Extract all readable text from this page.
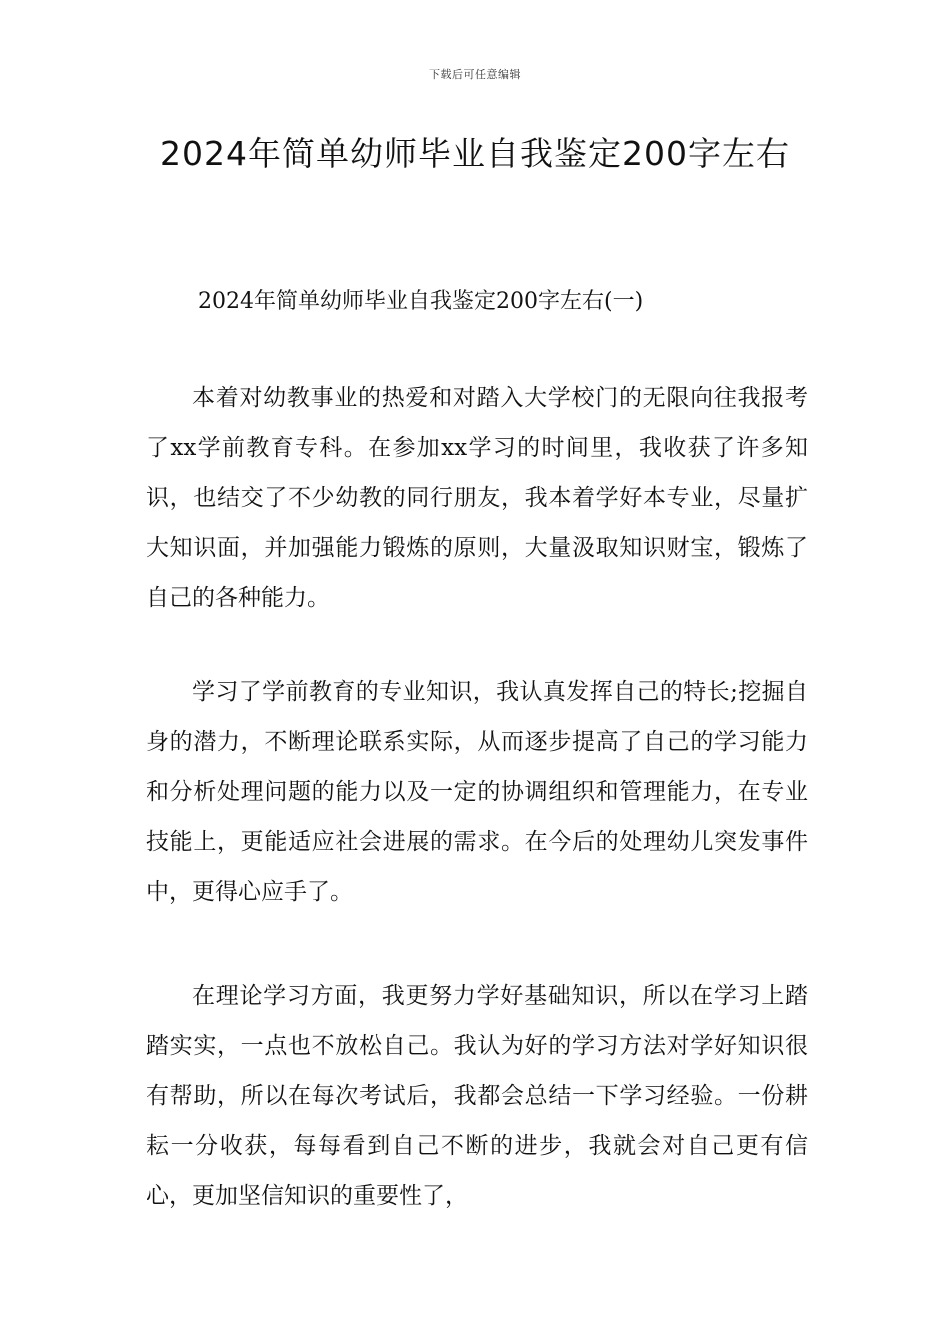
下载后可任意编辑
2024年简单幼师毕业自我鉴定200字左右
2024年简单幼师毕业自我鉴定200字左右(一)

本着对幼教事业的热爱和对踏入大学校门的无限向往我报考了xx学前教育专科。在参加xx学习的时间里，我收获了许多知识，也结交了不少幼教的同行朋友，我本着学好本专业，尽量扩大知识面，并加强能力锻炼的原则，大量汲取知识财宝，锻炼了自己的各种能力。

学习了学前教育的专业知识，我认真发挥自己的特长;挖掘自身的潜力，不断理论联系实际，从而逐步提高了自己的学习能力和分析处理问题的能力以及一定的协调组织和管理能力，在专业技能上，更能适应社会进展的需求。在今后的处理幼儿突发事件中，更得心应手了。

在理论学习方面，我更努力学好基础知识，所以在学习上踏踏实实，一点也不放松自己。我认为好的学习方法对学好知识很有帮助，所以在每次考试后，我都会总结一下学习经验。一份耕耘一分收获，每每看到自己不断的进步，我就会对自己更有信心，更加坚信知识的重要性了，
